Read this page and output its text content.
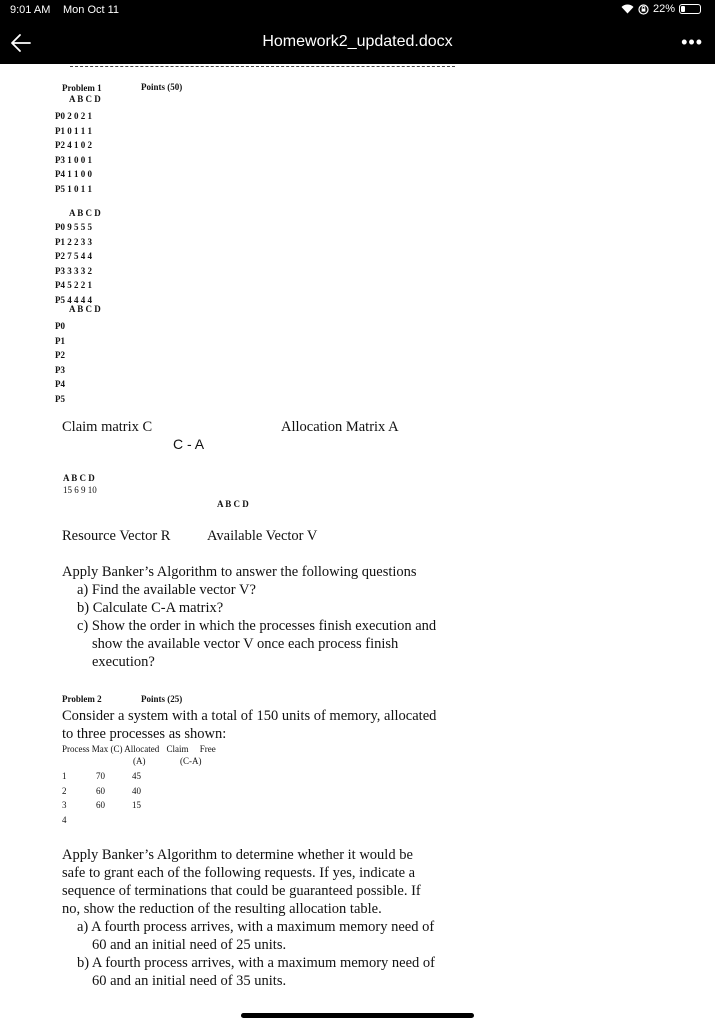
9:01 AM Mon Oct 11	22%
Homework2_updated.docx	•••
Problem 1	Points (50)
A B C D
P0 2 0 2 1
P1 0 1 1 1
P2 4 1 0 2
P3 1 0 0 1
P4 1 1 0 0
P5 1 0 1 1
A B C D
P0 9 5 5 5
P1 2 2 3 3
P2 7 5 4 4
P3 3 3 3 2
P4 5 2 2 1
P5 4 4 4 4
A B C D
P0
P1
P2
P3
P4
P5
Claim matrix C	Allocation Matrix A
C - A
A B C D
15 6 9 10
A B C D
Resource Vector R	Available Vector V
Apply Banker’s Algorithm to answer the following questions
a) Find the available vector V?
b) Calculate C-A matrix?
c) Show the order in which the processes finish execution and
show the available vector V once each process finish
execution?
Problem 2	Points (25)
Consider a system with a total of 150 units of memory, allocated
to three processes as shown:
Process Max (C) Allocated Claim Free
(A)	(C-A)
1	70	45
2	60	40
3	60	15
4		
Apply Banker’s Algorithm to determine whether it would be
safe to grant each of the following requests. If yes, indicate a
sequence of terminations that could be guaranteed possible. If
no, show the reduction of the resulting allocation table.
a) A fourth process arrives, with a maximum memory need of
60 and an initial need of 25 units.
b) A fourth process arrives, with a maximum memory need of
60 and an initial need of 35 units.
